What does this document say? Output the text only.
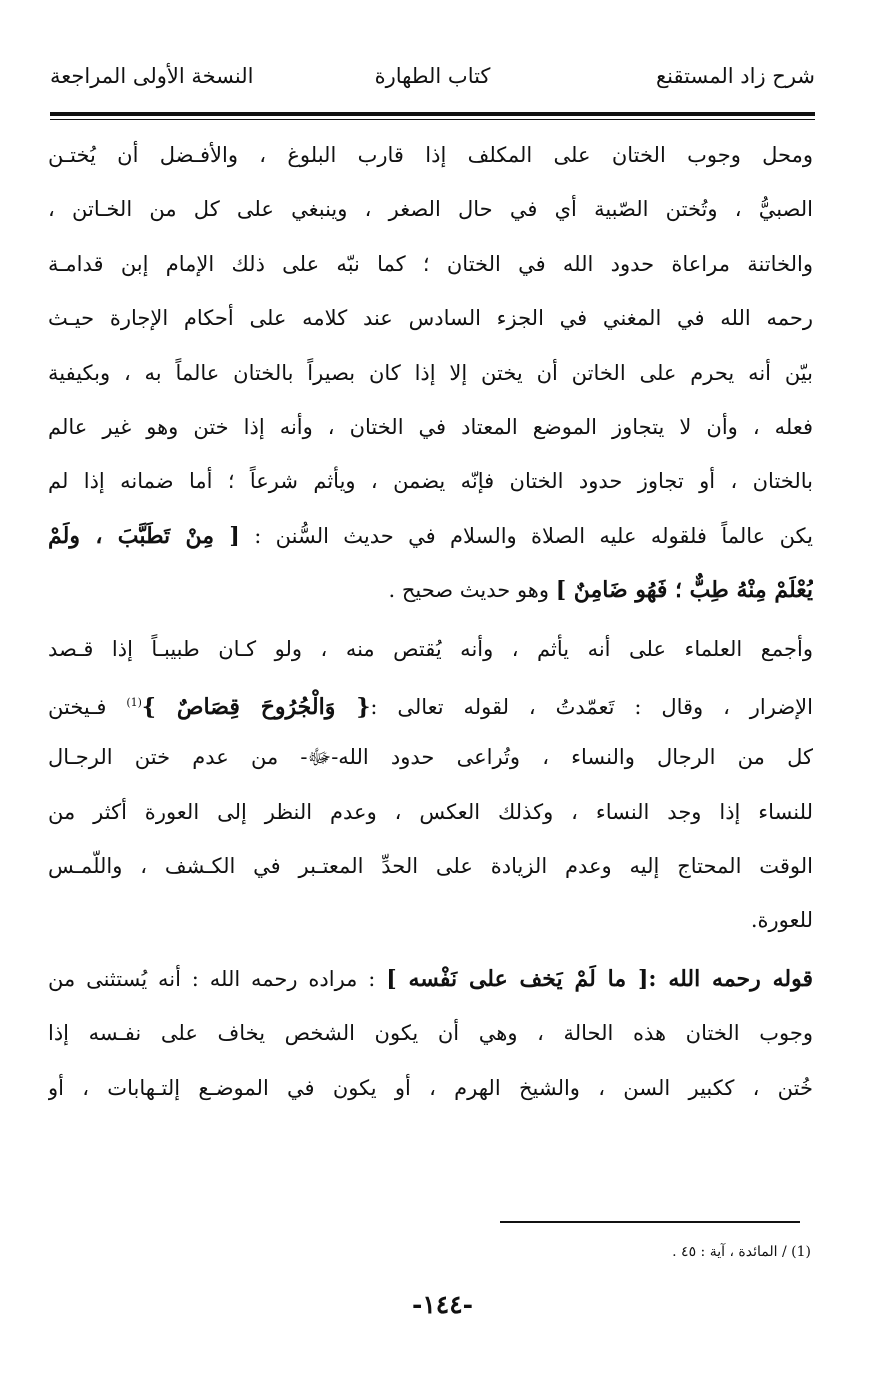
شرح زاد المستقنع
كتاب الطهارة
النسخة الأولى المراجعة
ومحل وجوب الختان على المكلف إذا قارب البلوغ ، والأفـضل أن يُختـن
الصبيُّ ، وتُختن الصّبية أي في حال الصغر ، وينبغي على كل من الخـاتن ،
والخاتنة مراعاة حدود الله في الختان ؛ كما نبّه على ذلك الإمام إبن قدامـة
رحمه الله في المغني في الجزء السادس عند كلامه على أحكام الإجارة حيـث
بيّن أنه يحرم على الخاتن أن يختن إلا إذا كان بصيراً بالختان عالماً به ، وبكيفية
فعله ، وأن لا يتجاوز الموضع المعتاد في الختان ، وأنه إذا ختن وهو غير عالم
بالختان ، أو تجاوز حدود الختان فإنّه يضمن ، ويأثم شرعاً ؛ أما ضمانه إذا لم
يكن عالماً فلقوله عليه الصلاة والسلام في حديث السُّنن : [ مِنْ تَطَبَّبَ ، ولَمْ
يُعْلَمْ مِنْهُ طِبٌّ ؛ فَهُو ضَامِنٌ ] وهو حديث صحيح .
وأجمع العلماء على أنه يأثم ، وأنه يُقتص منه ، ولو كـان طبيبـاً إذا قـصد
الإضرار ، وقال : تَعمّدتُ ، لقوله تعالى :{ وَالْجُرُوحَ قِصَاصٌ }$^{(1)}$ فـيختن
كل من الرجال والنساء ، وتُراعى حدود الله-ﷻ- من عدم ختن الرجـال
للنساء إذا وجد النساء ، وكذلك العكس ، وعدم النظر إلى العورة أكثر من
الوقت المحتاج إليه وعدم الزيادة على الحدِّ المعتـبر في الكـشف ، واللّمـس
للعورة.
قوله رحمه الله :[ ما لَمْ يَخف على نَفْسه ] : مراده رحمه الله : أنه يُستثنى من
وجوب الختان هذه الحالة ، وهي أن يكون الشخص يخاف على نفـسه إذا
خُتن ، ككبير السن ، والشيخ الهرم ، أو يكون في الموضـع إلتـهابات ، أو
(1) / المائدة ، آية : ٤٥ .
-١٤٤-
